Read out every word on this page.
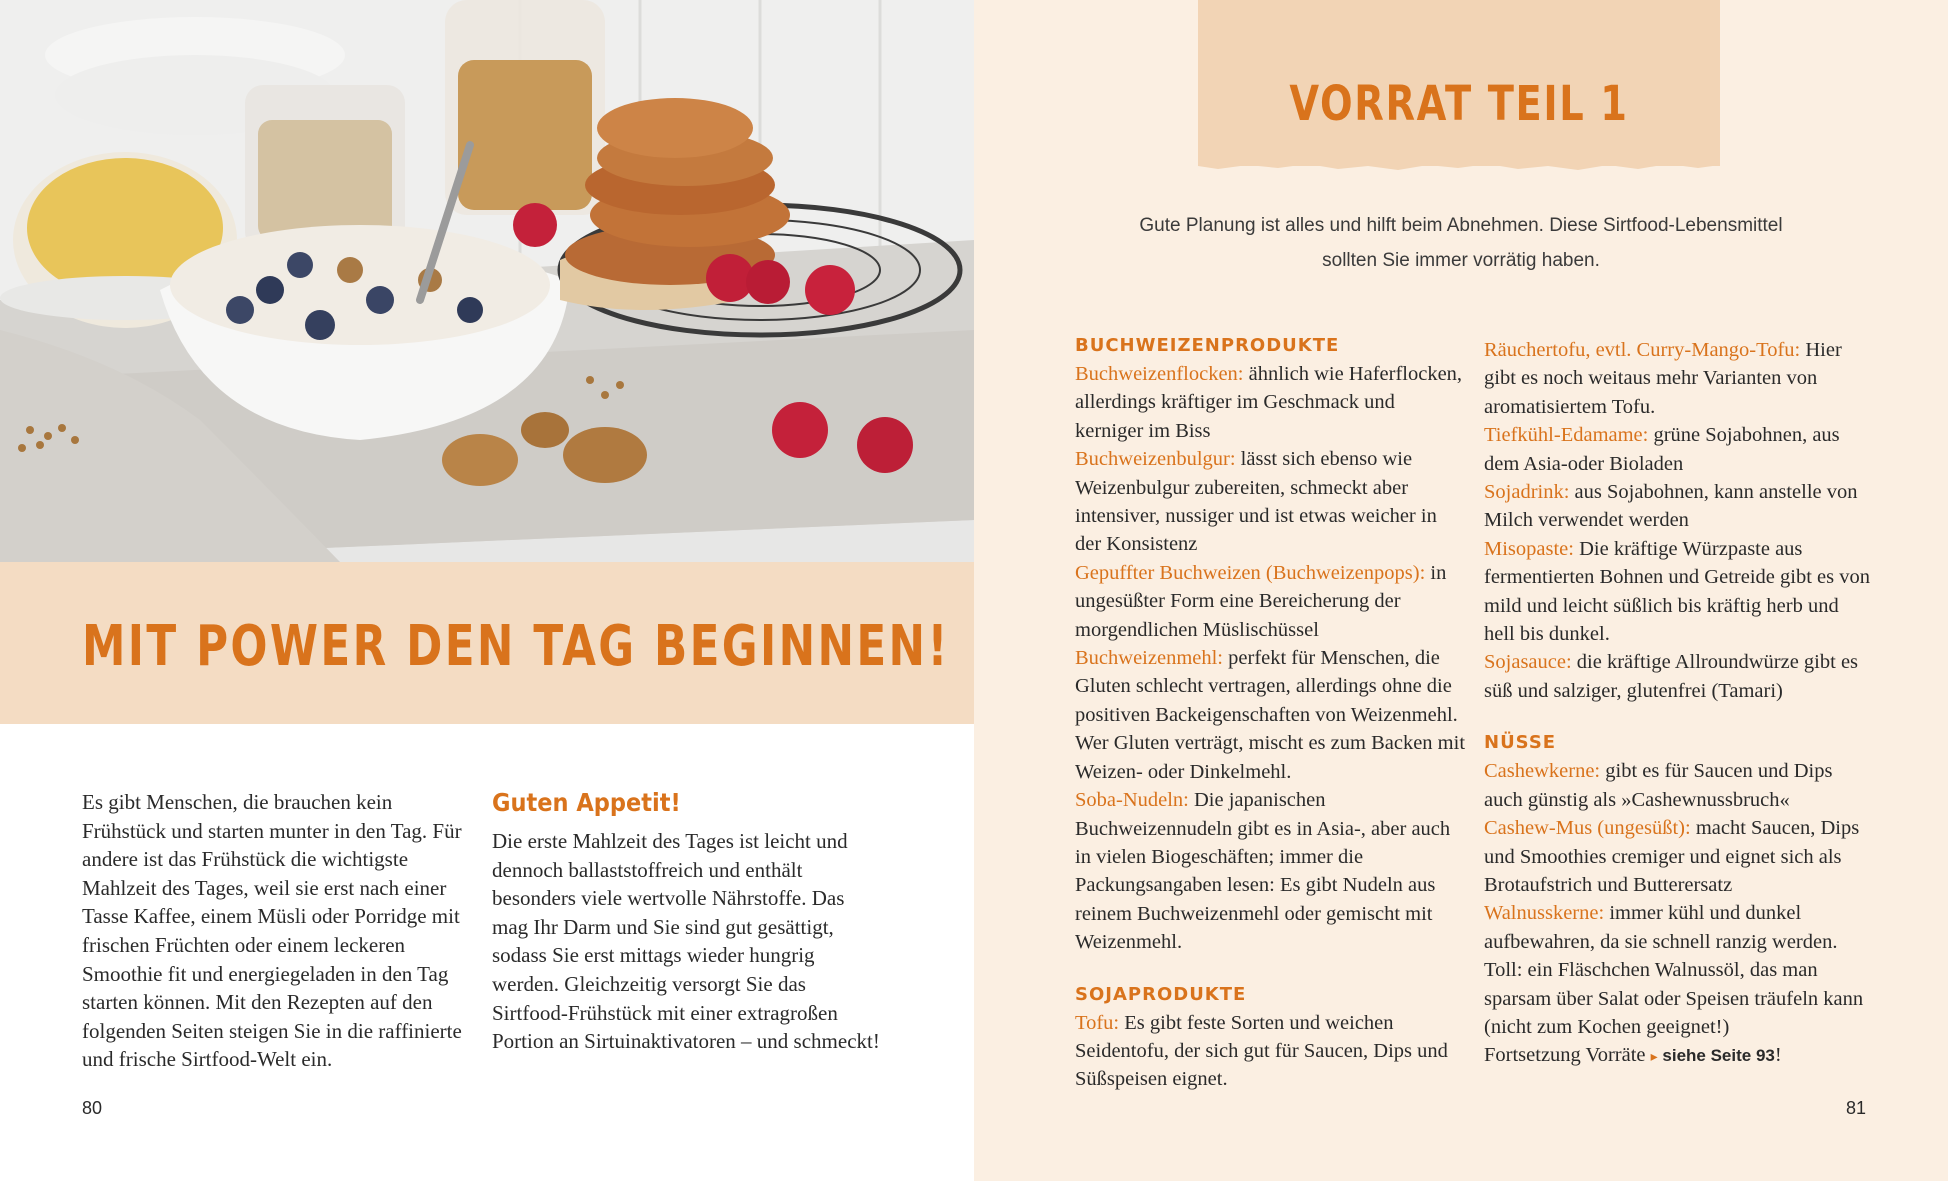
MIT POWER DEN TAG BEGINNEN!
Es gibt Menschen, die brauchen kein Frühstück und starten munter in den Tag. Für andere ist das Frühstück die wichtigste Mahlzeit des Tages, weil sie erst nach einer Tasse Kaffee, einem Müsli oder Porridge mit frischen Früchten oder einem leckeren Smoothie fit und energiegeladen in den Tag starten können. Mit den Rezepten auf den folgenden Seiten steigen Sie in die raffinierte und frische Sirtfood-Welt ein.
Guten Appetit!
Die erste Mahlzeit des Tages ist leicht und dennoch ballaststoffreich und enthält besonders viele wertvolle Nährstoffe. Das mag Ihr Darm und Sie sind gut gesättigt, sodass Sie erst mittags wieder hungrig werden. Gleichzeitig versorgt Sie das Sirtfood-Frühstück mit einer extragroßen Portion an Sirtuinaktivatoren – und schmeckt!
80
VORRAT TEIL 1

Gute Planung ist alles und hilft beim Abnehmen. Diese Sirtfood-Lebensmittel

sollten Sie immer vorrätig haben.

BUCHWEIZENPRODUKTE

Buchweizenflocken: ähnlich wie Haferflocken, allerdings kräftiger im Geschmack und kerniger im Biss

Buchweizenbulgur: lässt sich ebenso wie Weizenbulgur zubereiten, schmeckt aber intensiver, nussiger und ist etwas weicher in der Konsistenz

Gepuffter Buchweizen (Buchweizenpops): in ungesüßter Form eine Bereicherung der morgendlichen Müslischüssel

Buchweizenmehl: perfekt für Menschen, die Gluten schlecht vertragen, allerdings ohne die positiven Backeigenschaften von Weizenmehl. Wer Gluten verträgt, mischt es zum Backen mit Weizen- oder Dinkelmehl.

Soba-Nudeln: Die japanischen Buchweizennudeln gibt es in Asia-, aber auch in vielen Biogeschäften; immer die Packungsangaben lesen: Es gibt Nudeln aus reinem Buchweizenmehl oder gemischt mit Weizenmehl.

SOJAPRODUKTE

Tofu: Es gibt feste Sorten und weichen Seidentofu, der sich gut für Saucen, Dips und Süßspeisen eignet.

Räuchertofu, evtl. Curry-Mango-Tofu: Hier gibt es noch weitaus mehr Varianten von aromatisiertem Tofu.

Tiefkühl-Edamame: grüne Sojabohnen, aus dem Asia-oder Bioladen

Sojadrink: aus Sojabohnen, kann anstelle von Milch verwendet werden

Misopaste: Die kräftige Würzpaste aus fermentierten Bohnen und Getreide gibt es von mild und leicht süßlich bis kräftig herb und hell bis dunkel.

Sojasauce: die kräftige Allroundwürze gibt es süß und salziger, glutenfrei (Tamari)

NÜSSE

Cashewkerne: gibt es für Saucen und Dips auch günstig als »Cashewnussbruch«

Cashew-Mus (ungesüßt): macht Saucen, Dips und Smoothies cremiger und eignet sich als Brotaufstrich und Butterersatz

Walnusskerne: immer kühl und dunkel aufbewahren, da sie schnell ranzig werden. Toll: ein Fläschchen Walnussöl, das man sparsam über Salat oder Speisen träufeln kann (nicht zum Kochen geeignet!)

Fortsetzung Vorräte ▸ siehe Seite 93!

81
